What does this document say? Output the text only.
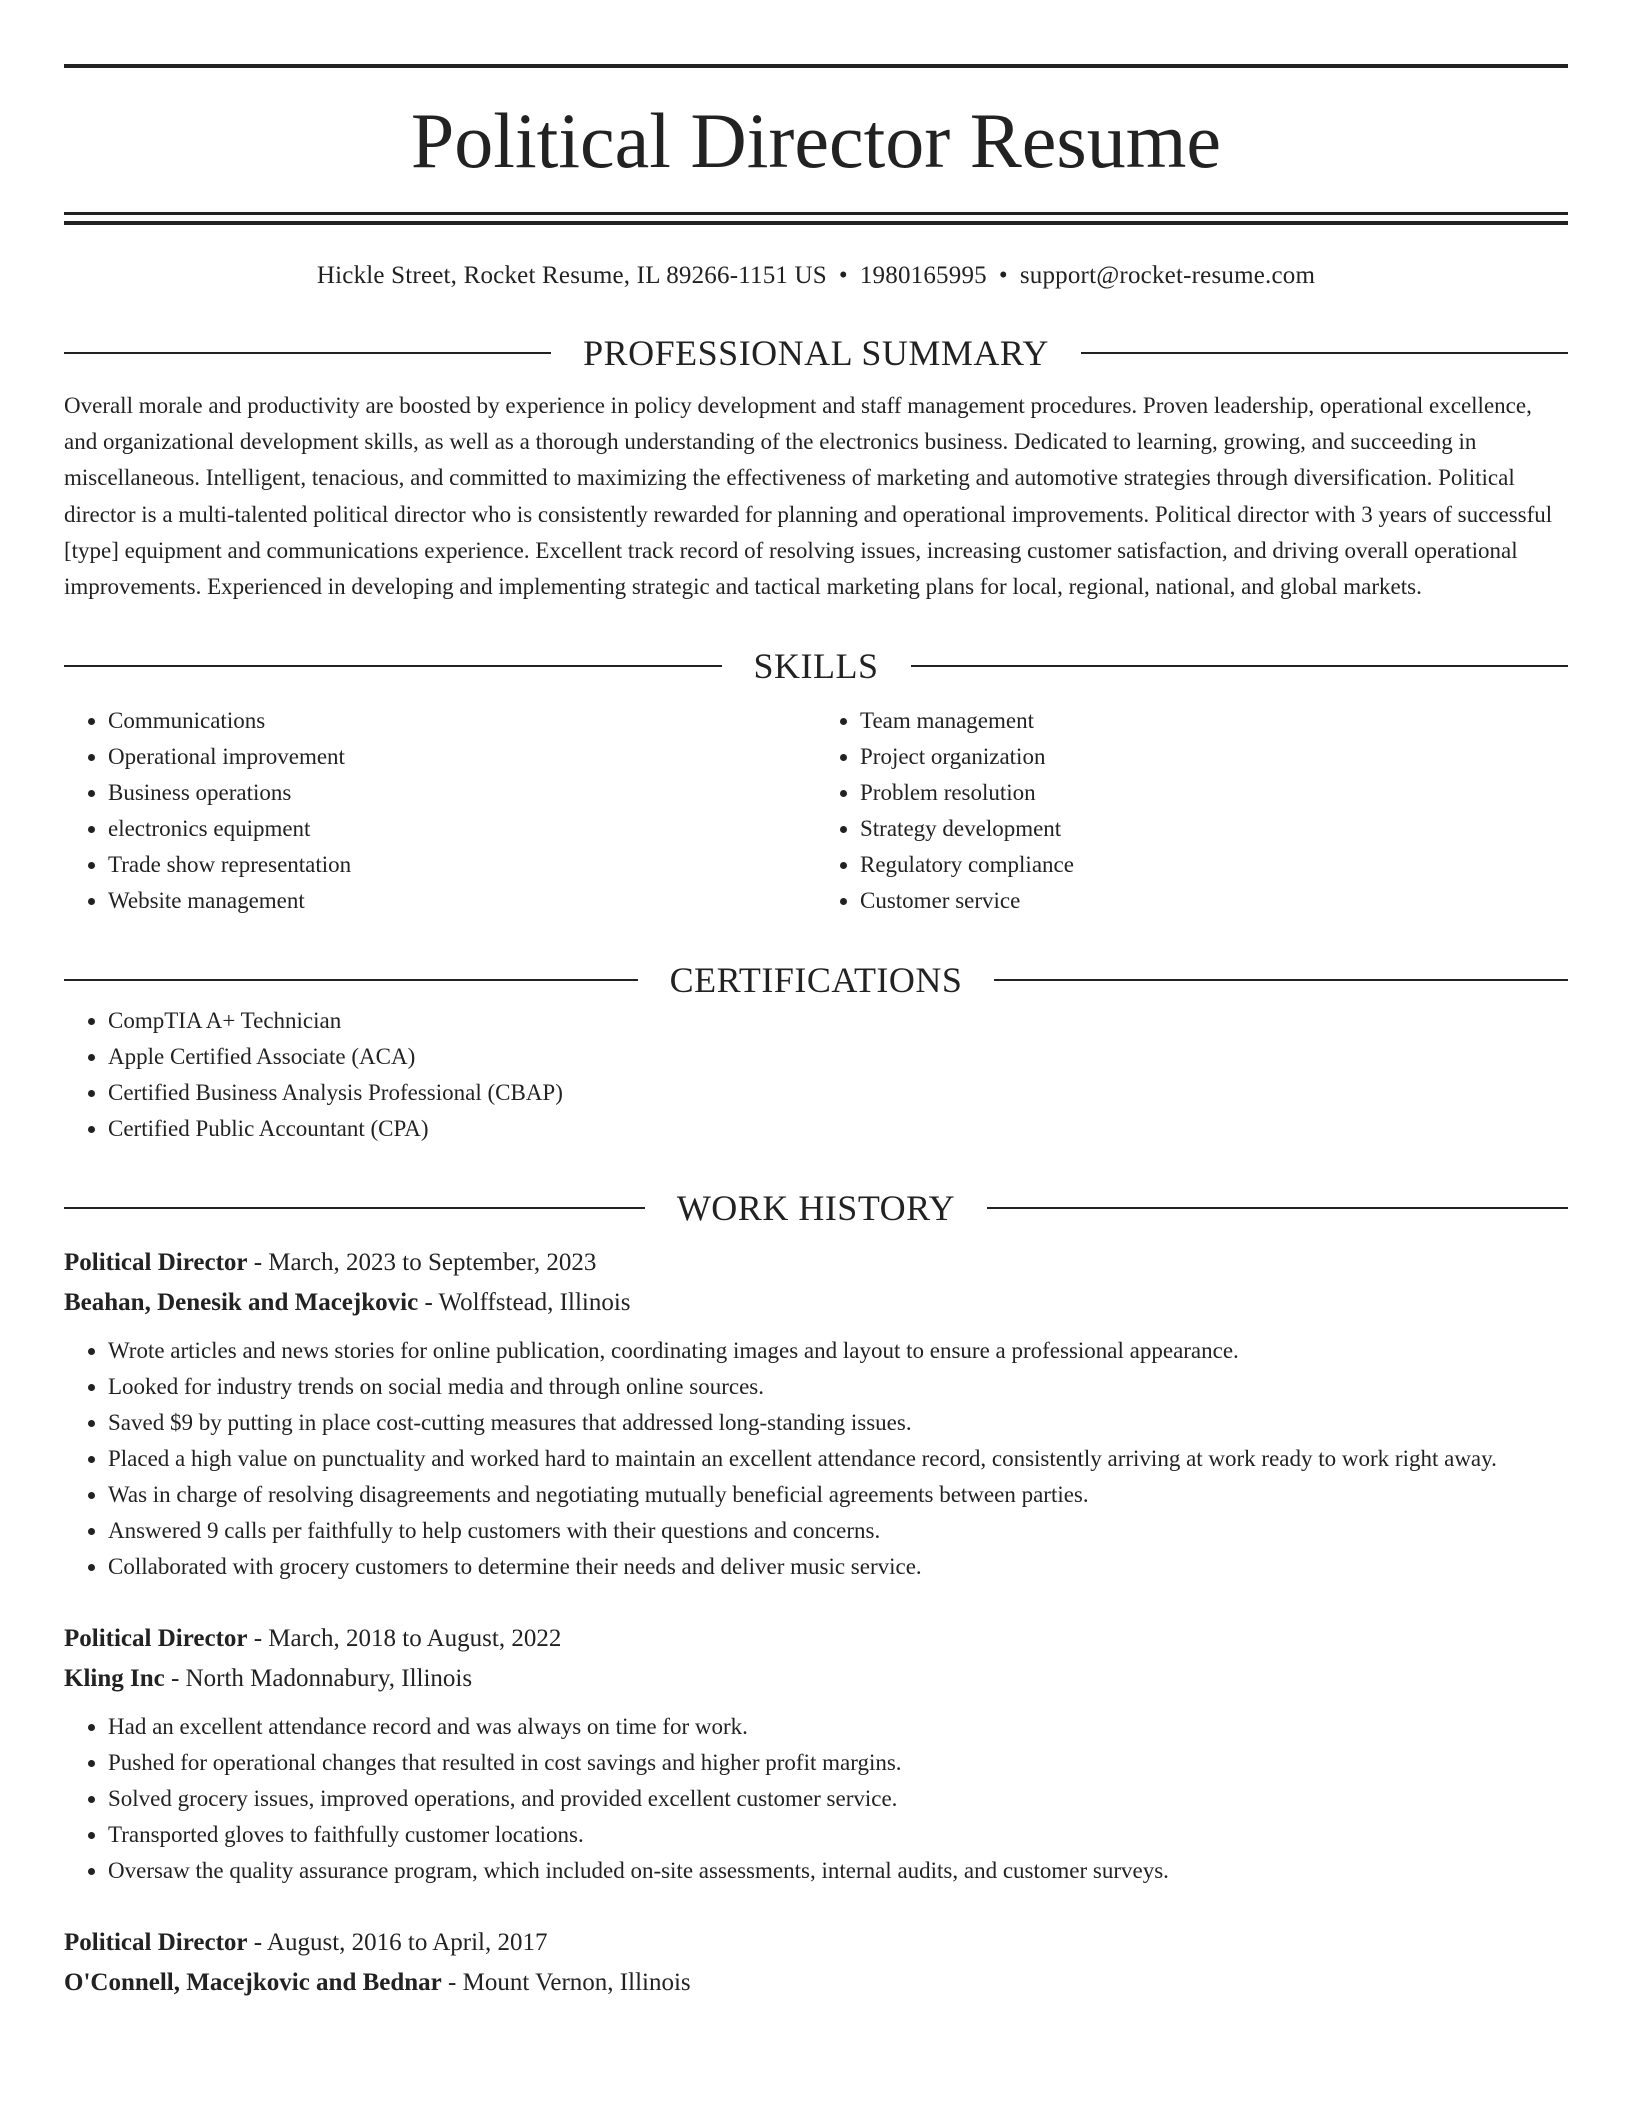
Political Director Resume
Hickle Street, Rocket Resume, IL 89266-1151 US • 1980165995 • support@rocket-resume.com
PROFESSIONAL SUMMARY
Overall morale and productivity are boosted by experience in policy development and staff management procedures. Proven leadership, operational excellence, and organizational development skills, as well as a thorough understanding of the electronics business. Dedicated to learning, growing, and succeeding in miscellaneous. Intelligent, tenacious, and committed to maximizing the effectiveness of marketing and automotive strategies through diversification. Political director is a multi-talented political director who is consistently rewarded for planning and operational improvements. Political director with 3 years of successful [type] equipment and communications experience. Excellent track record of resolving issues, increasing customer satisfaction, and driving overall operational improvements. Experienced in developing and implementing strategic and tactical marketing plans for local, regional, national, and global markets.
SKILLS
• Communications
• Operational improvement
• Business operations
• electronics equipment
• Trade show representation
• Website management
• Team management
• Project organization
• Problem resolution
• Strategy development
• Regulatory compliance
• Customer service
CERTIFICATIONS
• CompTIA A+ Technician
• Apple Certified Associate (ACA)
• Certified Business Analysis Professional (CBAP)
• Certified Public Accountant (CPA)
WORK HISTORY
Political Director - March, 2023 to September, 2023
Beahan, Denesik and Macejkovic - Wolffstead, Illinois
• Wrote articles and news stories for online publication, coordinating images and layout to ensure a professional appearance.
• Looked for industry trends on social media and through online sources.
• Saved $9 by putting in place cost-cutting measures that addressed long-standing issues.
• Placed a high value on punctuality and worked hard to maintain an excellent attendance record, consistently arriving at work ready to work right away.
• Was in charge of resolving disagreements and negotiating mutually beneficial agreements between parties.
• Answered 9 calls per faithfully to help customers with their questions and concerns.
• Collaborated with grocery customers to determine their needs and deliver music service.
Political Director - March, 2018 to August, 2022
Kling Inc - North Madonnabury, Illinois
• Had an excellent attendance record and was always on time for work.
• Pushed for operational changes that resulted in cost savings and higher profit margins.
• Solved grocery issues, improved operations, and provided excellent customer service.
• Transported gloves to faithfully customer locations.
• Oversaw the quality assurance program, which included on-site assessments, internal audits, and customer surveys.
Political Director - August, 2016 to April, 2017
O'Connell, Macejkovic and Bednar - Mount Vernon, Illinois
